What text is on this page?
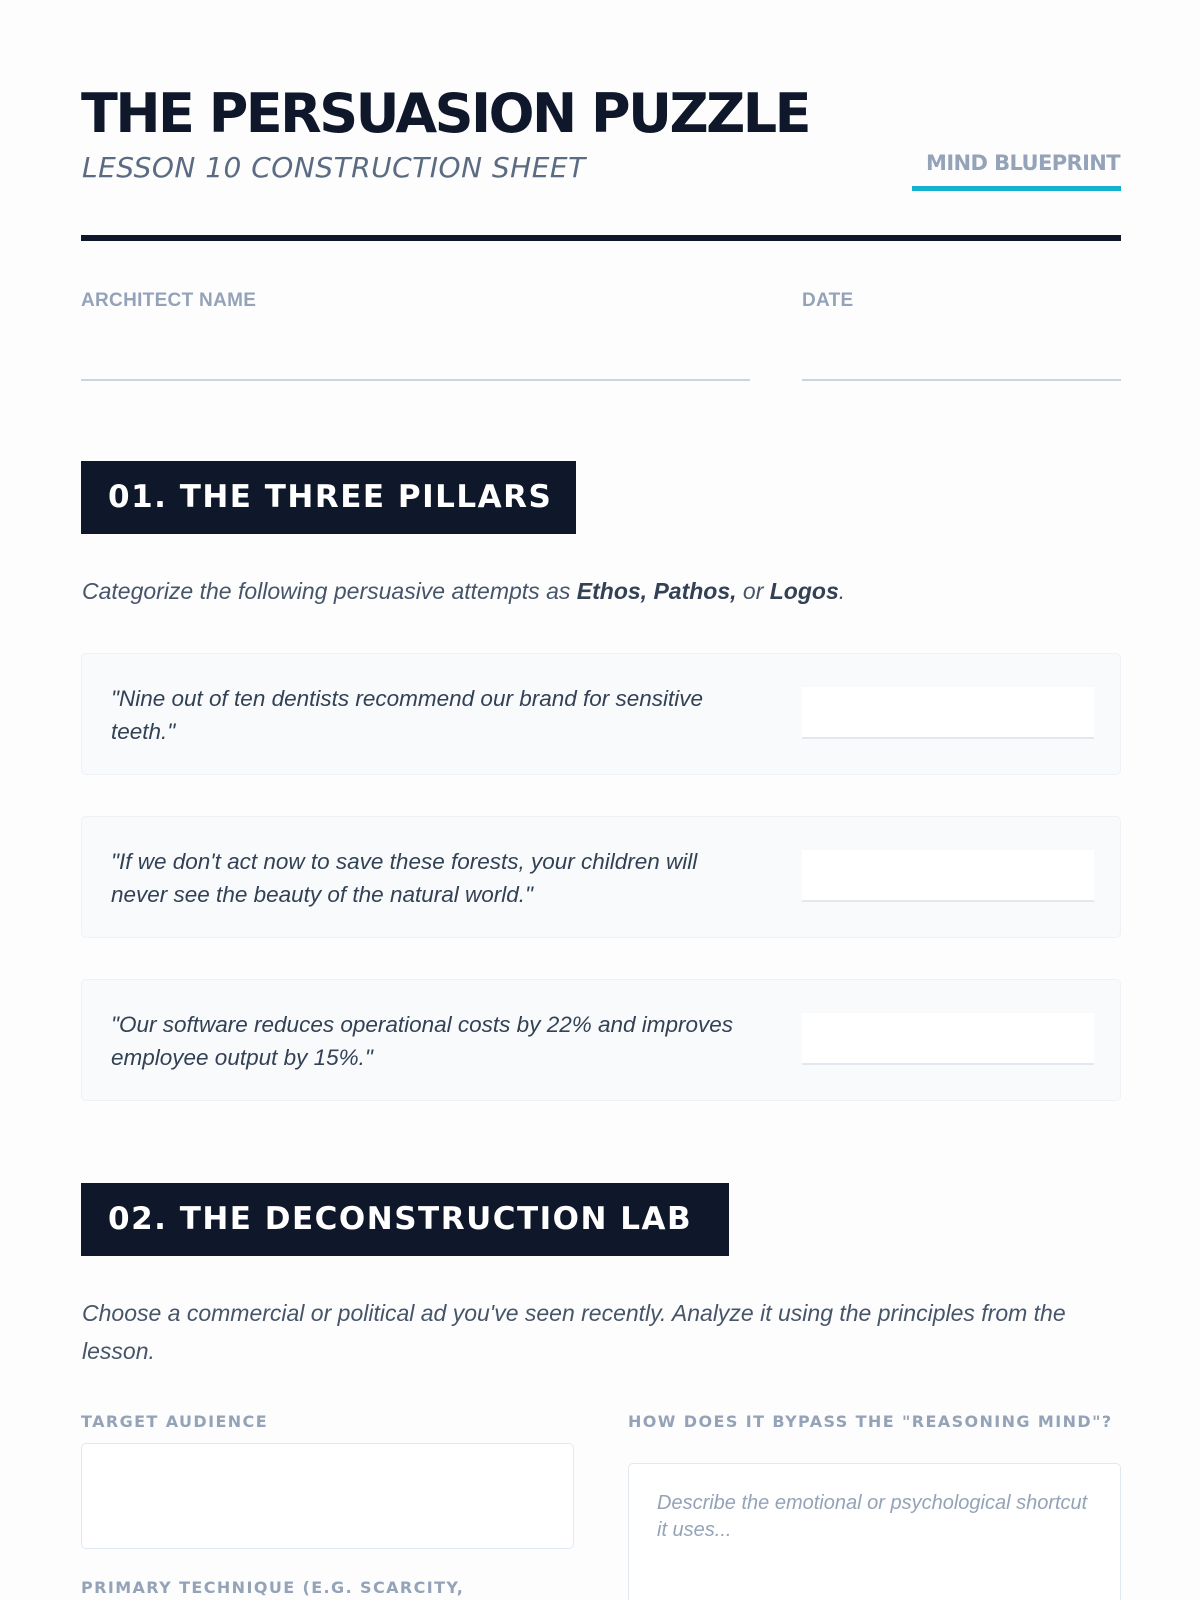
THE PERSUASION PUZZLE
LESSON 10 CONSTRUCTION SHEET	MIND BLUEPRINT
ARCHITECT NAME	DATE
01. THE THREE PILLARS

Categorize the following persuasive attempts as Ethos, Pathos, or Logos.

"Nine out of ten dentists recommend our brand for sensitive teeth."

"If we don't act now to save these forests, your children will never see the beauty of the natural world."

"Our software reduces operational costs by 22% and improves employee output by 15%."

02. THE DECONSTRUCTION LAB

Choose a commercial or political ad you've seen recently. Analyze it using the principles from the lesson.

TARGET AUDIENCE	HOW DOES IT BYPASS THE "REASONING MIND"?
Describe the emotional or psychological shortcut it uses...
PRIMARY TECHNIQUE (E.G. SCARCITY,
